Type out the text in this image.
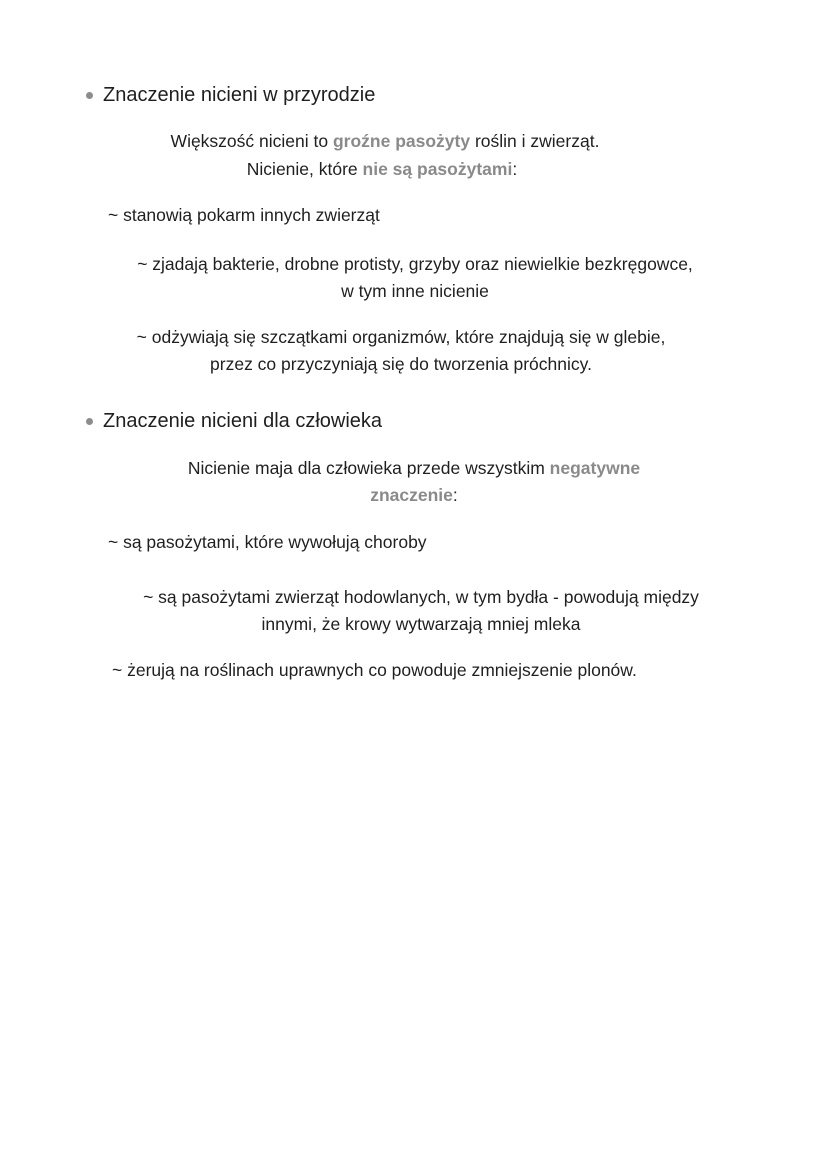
Znaczenie nicieni w przyrodzie
Większość nicieni to groźne pasożyty roślin i zwierząt.
Nicienie, które nie są pasożytami:
~ stanowią pokarm innych zwierząt
~ zjadają bakterie, drobne protisty, grzyby oraz niewielkie bezkręgowce,
w tym inne nicienie
~ odżywiają się szczątkami organizmów, które znajdują się w glebie,
przez co przyczyniają się do tworzenia próchnicy.
Znaczenie nicieni dla człowieka
Nicienie maja dla człowieka przede wszystkim negatywne
znaczenie:
~ są pasożytami, które wywołują choroby
~ są pasożytami zwierząt hodowlanych, w tym bydła - powodują między
innymi, że krowy wytwarzają mniej mleka
~ żerują na roślinach uprawnych co powoduje zmniejszenie plonów.
